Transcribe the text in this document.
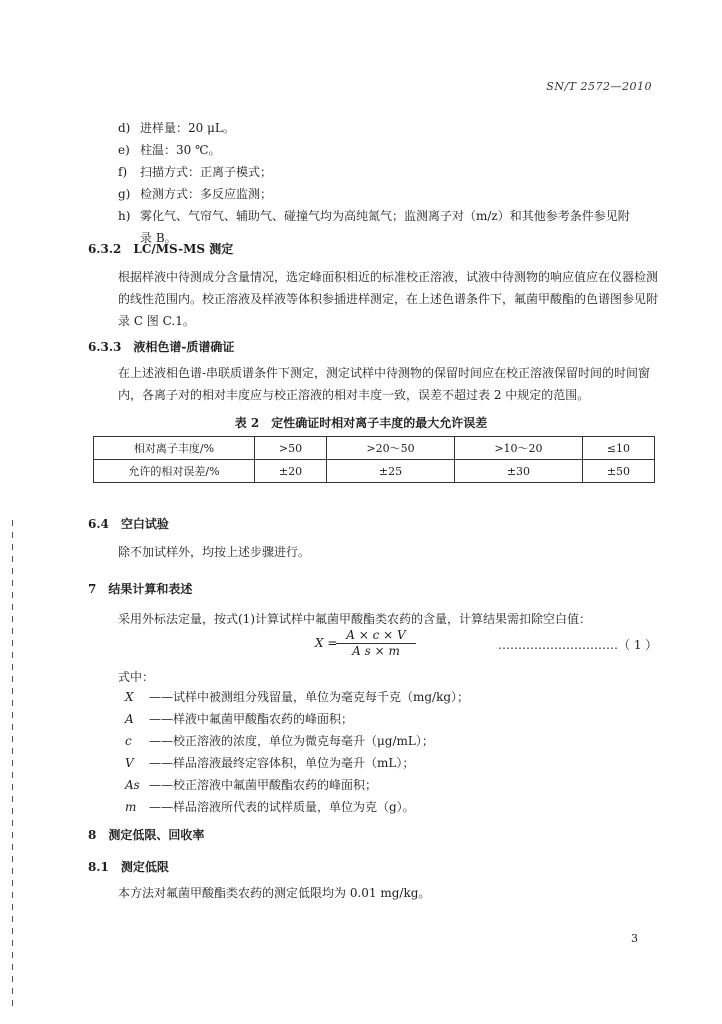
SN/T 2572—2010
d) 进样量：20 μL。
e) 柱温：30 ℃。
f) 扫描方式：正离子模式；
g) 检测方式：多反应监测；
h) 雾化气、气帘气、辅助气、碰撞气均为高纯氮气；监测离子对（m/z）和其他参考条件参见附
录 B。
6.3.2　LC/MS-MS 测定
根据样液中待测成分含量情况，选定峰面积相近的标准校正溶液，试液中待测物的响应值应在仪器检测的线性范围内。校正溶液及样液等体积参插进样测定，在上述色谱条件下，氟菌甲酸酯的色谱图参见附录 C 图 C.1。
6.3.3　液相色谱-质谱确证
在上述液相色谱-串联质谱条件下测定，测定试样中待测物的保留时间应在校正溶液保留时间的时间窗内，各离子对的相对丰度应与校正溶液的相对丰度一致，误差不超过表 2 中规定的范围。
表 2　定性确证时相对离子丰度的最大允许误差
相对离子丰度/%	>50	>20～50	>10～20	≤10
允许的相对误差/%	±20	±25	±30	±50
6.4　空白试验
除不加试样外，均按上述步骤进行。
7　结果计算和表述
采用外标法定量，按式(1)计算试样中氟菌甲酸酯类农药的含量，计算结果需扣除空白值：
X =
$\frac{A \times c \times V}{\text{A s × m}}$	…………………………（ 1 ）
式中：
X ——试样中被测组分残留量，单位为毫克每千克（mg/kg）；
A ——样液中氟菌甲酸酯农药的峰面积；
c ——校正溶液的浓度，单位为微克每毫升（μg/mL）；
V ——样品溶液最终定容体积，单位为毫升（mL）；
As ——校正溶液中氟菌甲酸酯农药的峰面积；
m ——样品溶液所代表的试样质量，单位为克（g）。
8　测定低限、回收率
8.1　测定低限
本方法对氟菌甲酸酯类农药的测定低限均为 0.01 mg/kg。
3
